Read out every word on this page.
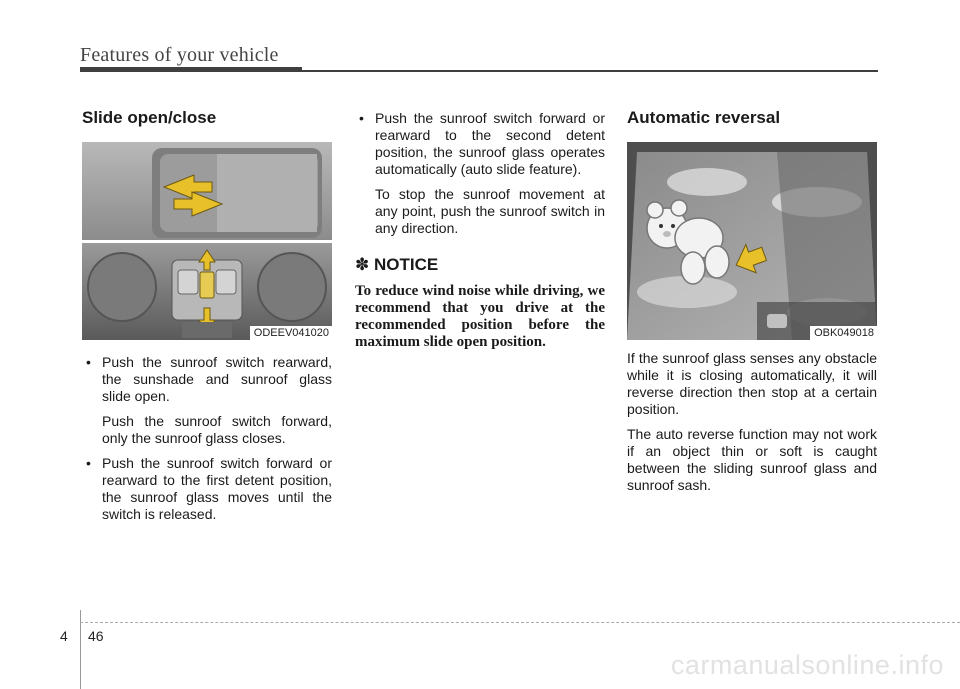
Features of your vehicle
Slide open/close
ODEEV041020

• Push the sunroof switch rearward, the sunshade and sunroof glass slide open.

Push the sunroof switch forward, only the sunroof glass closes.

• Push the sunroof switch forward or rearward to the first detent position, the sunroof glass moves until the switch is released.

• Push the sunroof switch forward or rearward to the second detent position, the sunroof glass operates automatically (auto slide feature).

To stop the sunroof movement at any point, push the sunroof switch in any direction.

✽ NOTICE

To reduce wind noise while driving, we recommend that you drive at the recommended position before the maximum slide open position.

Automatic reversal
OBK049018

If the sunroof glass senses any obstacle while it is closing automatically, it will reverse direction then stop at a certain position.

The auto reverse function may not work if an object thin or soft is caught between the sliding sunroof glass and sunroof sash.

4 46
carmanualsonline.info
